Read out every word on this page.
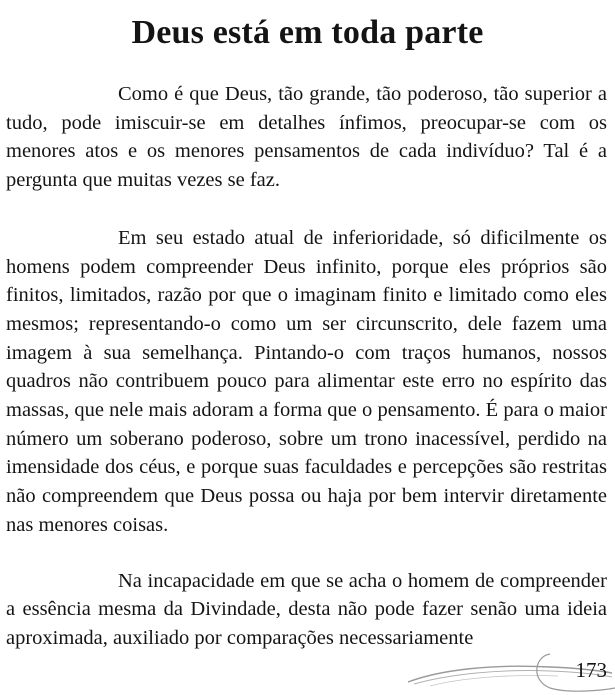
Deus está em toda parte

Como é que Deus, tão grande, tão poderoso, tão superior a tudo, pode imiscuir-se em detalhes ínfimos, preocupar-se com os menores atos e os menores pensamentos de cada indivíduo? Tal é a pergunta que muitas vezes se faz.

Em seu estado atual de inferioridade, só dificilmente os homens podem compreender Deus infinito, porque eles próprios são finitos, limitados, razão por que o imaginam finito e limitado como eles mesmos; representando-o como um ser circunscrito, dele fazem uma imagem à sua semelhança. Pintando-o com traços humanos, nossos quadros não contribuem pouco para alimentar este erro no espírito das massas, que nele mais adoram a forma que o pensamento. É para o maior número um soberano poderoso, sobre um trono inacessível, perdido na imensidade dos céus, e porque suas faculdades e percepções são restritas não compreendem que Deus possa ou haja por bem intervir diretamente nas menores coisas.

Na incapacidade em que se acha o homem de compreender a essência mesma da Divindade, desta não pode fazer senão uma ideia aproximada, auxiliado por comparações necessariamente

173
